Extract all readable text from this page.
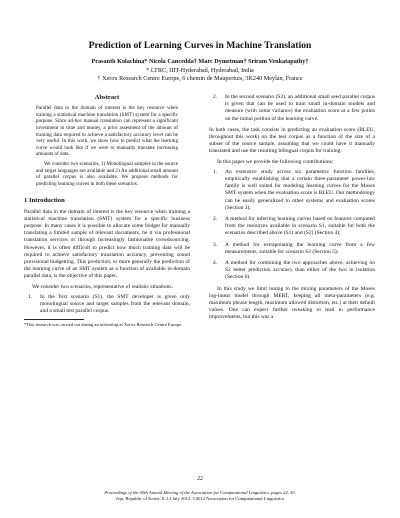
Prediction of Learning Curves in Machine Translation
Prasanth Kolachina* Nicola Cancedda† Marc Dymetman† Sriram Venkatapathy†
* LTRC, IIIT-Hyderabad, Hyderabad, India
† Xerox Research Centre Europe, 6 chemin de Maupertuis, 3K240 Meylan, France
Abstract

Parallel data in the domain of interest is the key resource when training a statistical machine translation (SMT) system for a specific purpose. Since ad-hoc manual translation can represent a significant investment in time and money, a prior assesment of the amount of training data required to achieve a satisfactory accuracy level can be very useful. In this work, we show how to predict what the learning curve would look like if we were to manually translate increasing amounts of data.

We consider two scenarios, 1) Monolingual samples in the source and target languages are available and 2) An additional small amount of parallel corpus is also available. We propose methods for predicting learning curves in both these scenarios.

1 Introduction

Parallel data in the domain of interest is the key resource when training a statistical machine translation (SMT) system for a specific business purpose. In many cases it is possible to allocate some budget for manually translating a limited sample of relevant documents, be it via professional translation services or through increasingly fashionable crowdsourcing. However, it is often difficult to predict how much training data will be required to achieve satisfactory translation accuracy, preventing sound provisional budgetting. This prediction, or more generally the prediction of the learning curve of an SMT system as a function of available in-domain parallel data, is the objective of this paper.

We consider two scenarios, representative of realistic situations.

1.	In the first scenario (S1), the SMT developer is given only monolingual source and target samples from the relevant domain, and a small test parallel corpus.
*This research was carried out during an internship at Xerox Research Centre Europe.
2.	In the second scenario (S2), an additional small seed parallel corpus is given that can be used to train small in-domain models and measure (with some variance) the evaluation score at a few points on the initial portion of the learning curve.

In both cases, the task consists in predicting an evaluation score (BLEU, throughout this work) on the test corpus as a function of the size of a subset of the source sample, assuming that we could have it manually translated and use the resulting bilingual corpus for training.

In this paper we provide the following contributions:

1.	An extensive study across six parametric function families, empirically establishing that a certain three-parameter power-law family is well suited for modeling learning curves for the Moses SMT system when the evaluation score is BLEU. Our methodology can be easily generalized to other systems and evaluation scores (Section 3);
2.	A method for inferring learning curves based on features computed from the resources available in scenario S1, suitable for both the scenarios described above (S1) and (S2) (Section 4);
3.	A method for extrapolating the learning curve from a few measurements, suitable for scenario S2 (Section 5);
4.	A method for combining the two approaches above, achieving on S2 better prediction accuracy than either of the two in isolation (Section 6).

In this study we limit tuning to the mixing parameters of the Moses log-linear model through MERT, keeping all meta-parameters (e.g. maximum phrase length, maximum allowed distortion, etc.) at their default values. One can expect further tweaking to lead to performance improvements, but this was a

22
Proceedings of the 50th Annual Meeting of the Association for Computational Linguistics, pages 22–30,
Jeju, Republic of Korea, 8–14 July 2012. ©2012 Association for Computational Linguistics
